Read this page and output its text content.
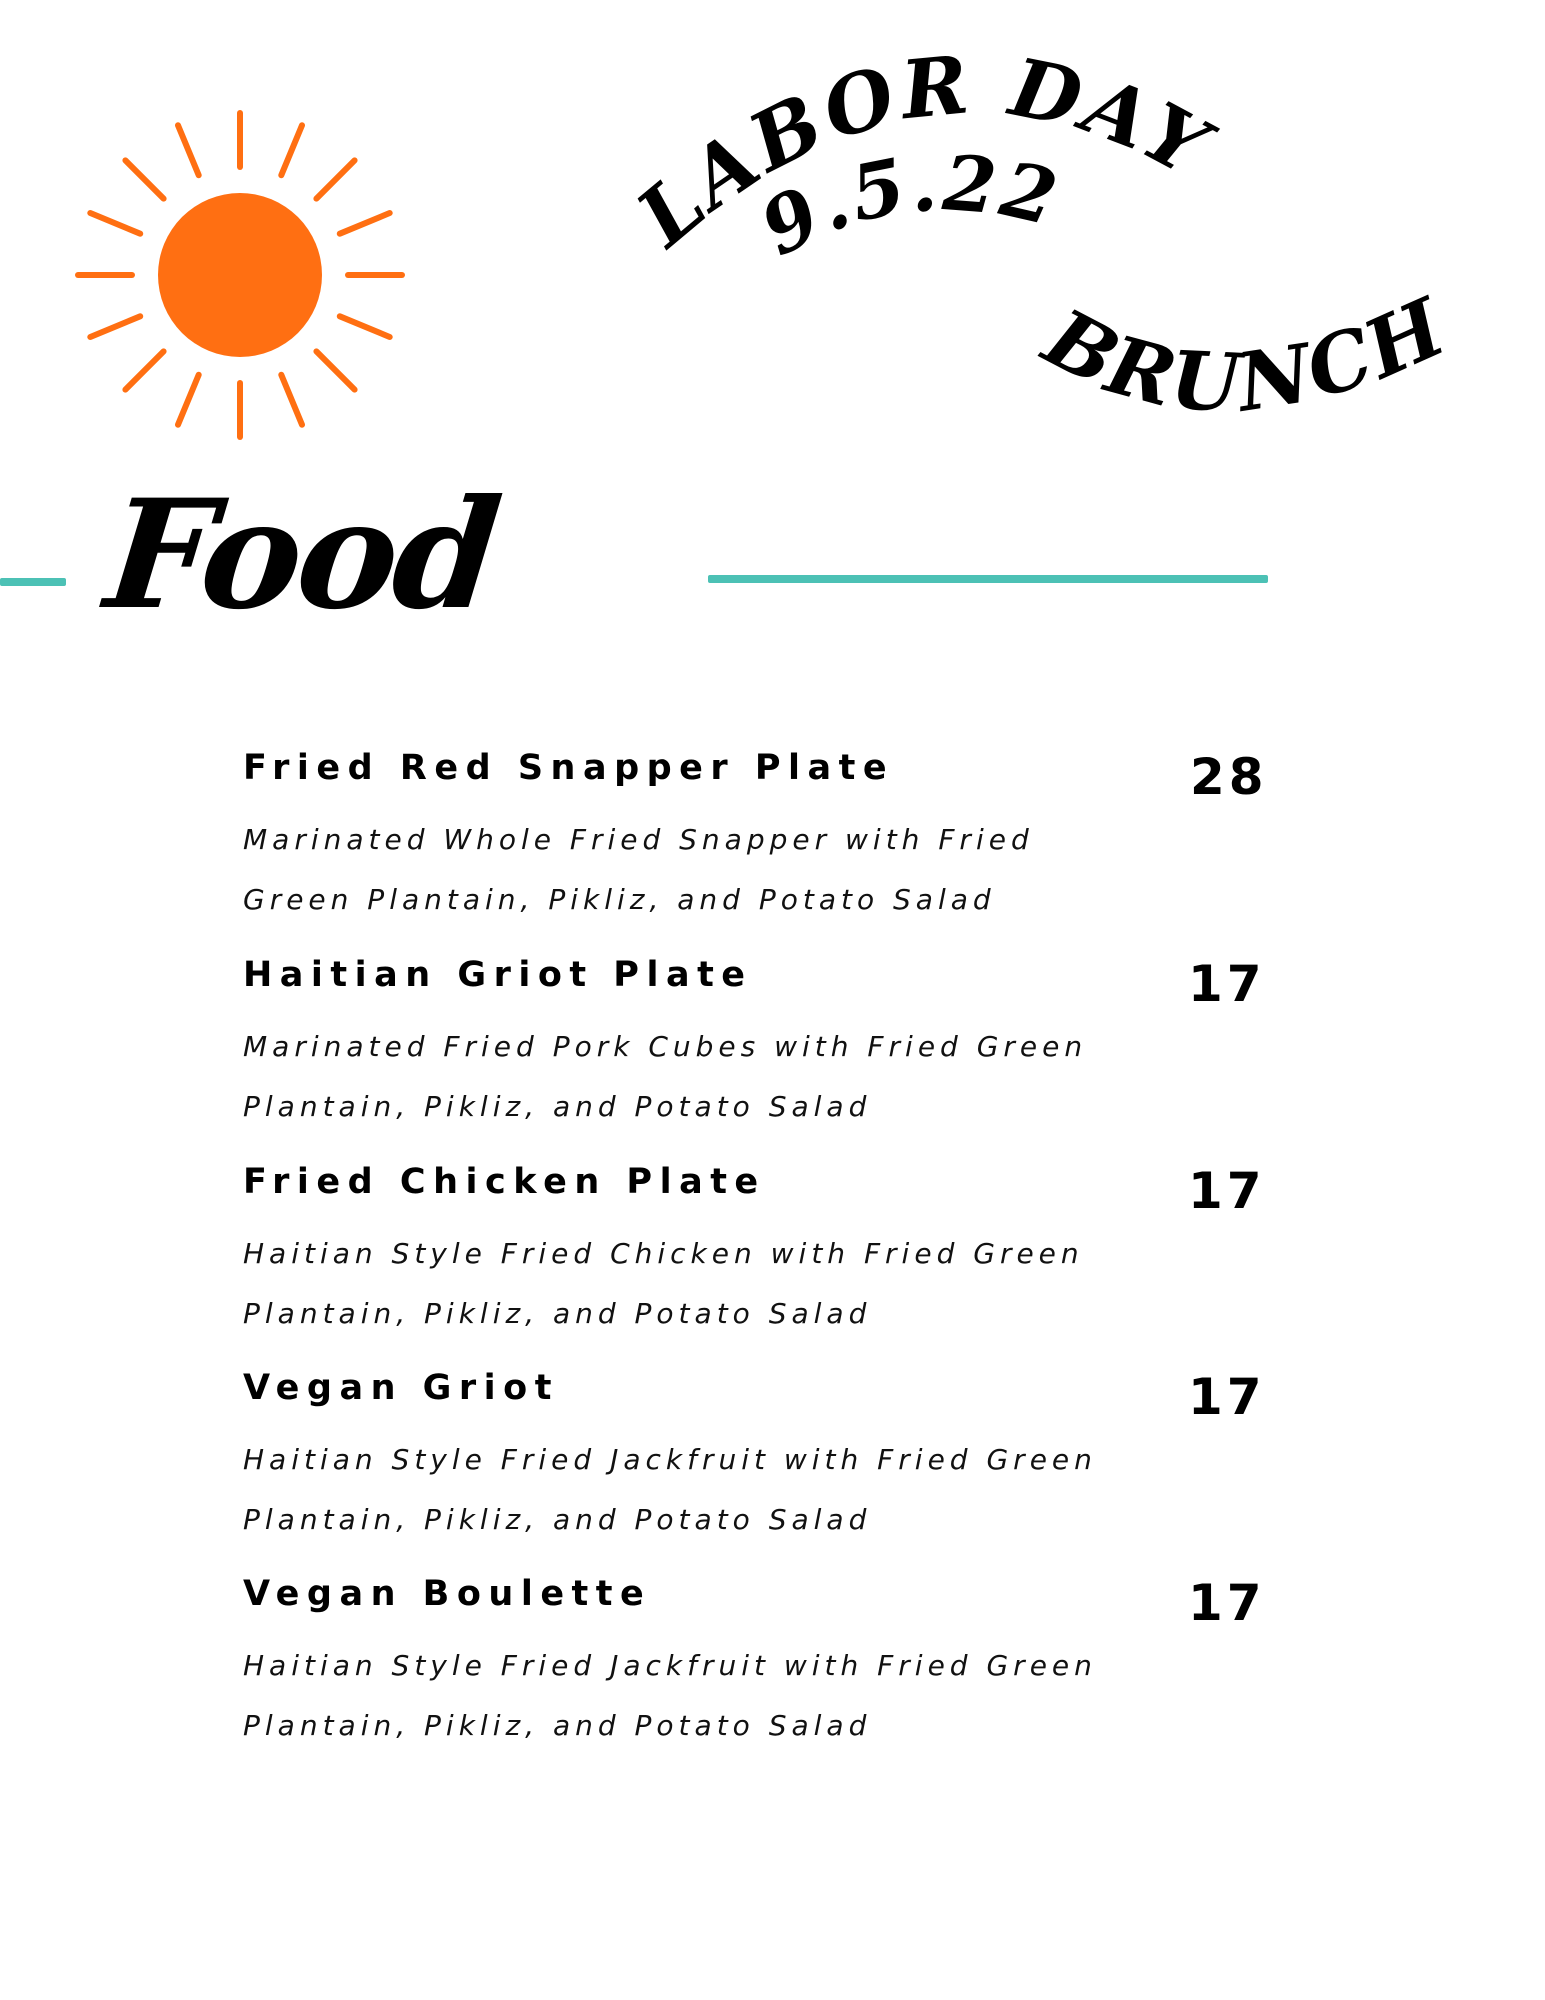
LABOR DAY
9.5.22
BRUNCH
Food
Fried Red Snapper Plate
Marinated Whole Fried Snapper with Fried Green Plantain, Pikliz, and Potato Salad
28
Haitian Griot Plate
Marinated Fried Pork Cubes with Fried Green Plantain, Pikliz, and Potato Salad
17
Fried Chicken Plate
Haitian Style Fried Chicken with Fried Green Plantain, Pikliz, and Potato Salad
17
Vegan Griot
Haitian Style Fried Jackfruit with Fried Green Plantain, Pikliz, and Potato Salad
17
Vegan Boulette
Haitian Style Fried Jackfruit with Fried Green Plantain, Pikliz, and Potato Salad
17
